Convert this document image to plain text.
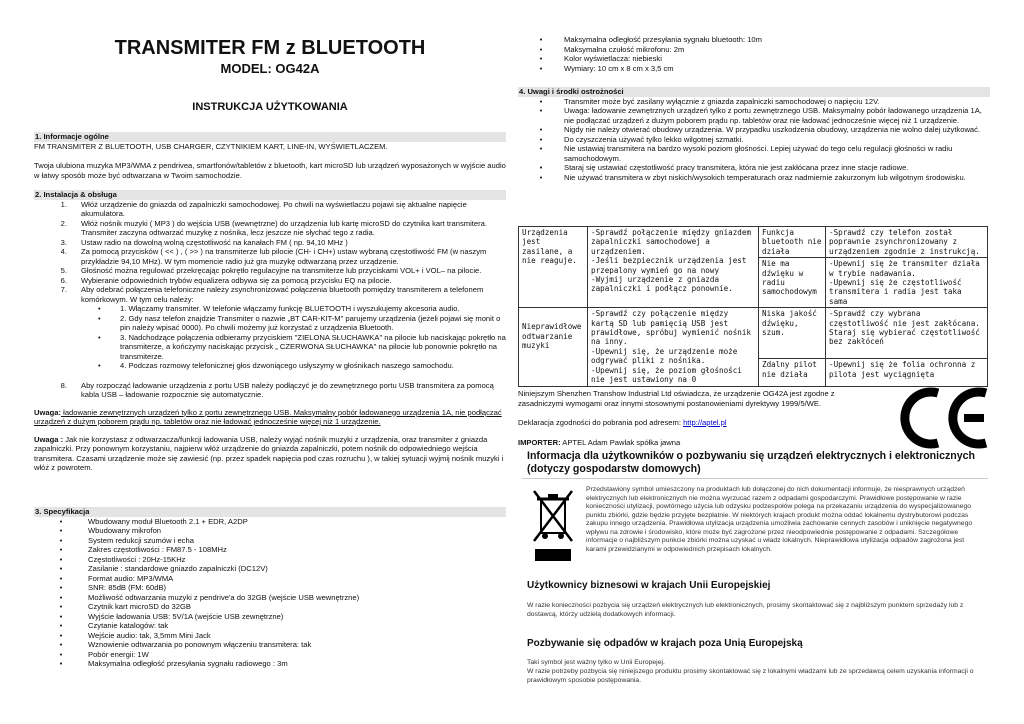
TRANSMITER FM z BLUETOOTH
MODEL: OG42A
INSTRUKCJA UŻYTKOWANIA

1. Informacje ogólne

FM TRANSMITER Z BLUETOOTH, USB CHARGER, CZYTNIKIEM KART, LINE-IN, WYŚWIETLACZEM.

Twoja ulubiona muzyka MP3/WMA z pendrivea, smartfonów/tabletów z bluetooth, kart microSD lub urządzeń wyposażonych w wyjście audio w łatwy sposób może być odtwarzana w Twoim samochodzie.

2. Instalacja & obsługa

1.	Włóż urządzenie do gniazda od zapalniczki samochodowej. Po chwili na wyświetlaczu pojawi się aktualne napięcie akumulatora.
2.	Włóż nośnik muzyki ( MP3 ) do wejścia USB (wewnętrzne) do urządzenia lub kartę microSD do czytnika kart transmitera. Transmiter zaczyna odtwarzać muzykę z nośnika, lecz jeszcze nie słychać tego z radia.
3.	Ustaw radio na dowolną wolną częstotliwość na kanałach FM ( np. 94,10 MHz )
4.	Za pomocą przycisków ( << ) , ( >> ) na transmiterze lub pilocie (CH- i CH+) ustaw wybraną częstotliwość FM (w naszym przykładzie 94,10 MHz). W tym momencie radio już gra muzykę odtwarzaną przez urządzenie.
5.	Głośność można regulować przekręcając pokrętło regulacyjne na transmiterze lub przyciskami VOL+ i VOL– na pilocie.
6.	Wybieranie odpowiednich trybów equalizera odbywa się za pomocą przycisku EQ na pilocie.
7.	Aby odebrać połączenia telefoniczne należy zsynchronizować połączenia bluetooth pomiędzy transmiterem a telefonem komórkowym. W tym celu należy:
•	1. Włączamy transmiter. W telefonie włączamy funkcję BLUETOOTH i wyszukujemy akcesoria audio.
•	2. Gdy nasz telefon znajdzie Transmiter o nazwie „BT CAR-KIT-M" parujemy urządzenia (jeżeli pojawi się monit o pin należy wpisać 0000). Po chwili możemy już korzystać z urządzenia Bluetooth.
•	3. Nadchodzące połączenia odbieramy przyciskiem "ZIELONA SŁUCHAWKA" na pilocie lub naciskając pokrętło na transmiterze, a kończymy naciskając przycisk „ CZERWONA SŁUCHAWKA" na pilocie lub ponownie pokrętło na transmiterze.
•	4. Podczas rozmowy telefonicznej głos dzwoniącego usłyszymy w głośnikach naszego samochodu.
8.	Aby rozpocząć ładowanie urządzenia z portu USB należy podłączyć je do zewnętrznego portu USB transmitera za pomocą kabla USB – ładowanie rozpocznie się automatycznie.

Uwaga: ładowanie zewnętrznych urządzeń tylko z portu zewnętrznego USB. Maksymalny pobór ładowanego urządzenia 1A, nie podłączać urządzeń z dużym poborem prądu np. tabletów oraz nie ładować jednocześnie więcej niż 1 urządzenie.

Uwaga : Jak nie korzystasz z odtwarzacza/funkcji ładowania USB, należy wyjąć nośnik muzyki z urządzenia, oraz transmiter z gniazda zapalniczki. Przy ponownym korzystaniu, najpierw włóż urządzenie do gniazda zapalniczki, potem nośnik do odpowiedniego wejścia transmitera. Czasami urządzenie może się zawiesić (np. przez spadek napięcia pod czas rozruchu ), w takiej sytuacji wyjmij nośnik muzyki i włóż z powrotem.

3. Specyfikacja

•	Wbudowany moduł Bluetooth 2.1 + EDR, A2DP
•	Wbudowany mikrofon
•	System redukcji szumów i echa
•	Zakres częstotliwości : FM87.5 - 108MHz
•	Częstotliwości : 20Hz-15KHz
•	Zasilanie : standardowe gniazdo zapalniczki (DC12V)
•	Format audio: MP3/WMA
•	SNR: 85dB (FM: 60dB)
•	Możliwość odtwarzania muzyki z pendrive'a do 32GB (wejście USB wewnętrzne)
•	Czytnik kart microSD do 32GB
•	Wyjście ładowania USB: 5V/1A (wejście USB zewnętrzne)
•	Czytanie katalogów: tak
•	Wejście audio: tak, 3,5mm Mini Jack
•	Wznowienie odtwarzania po ponownym włączeniu transmitera: tak
•	Pobór energii: 1W
•	Maksymalna odległość przesyłania sygnału radiowego : 3m
•	Maksymalna odległość przesyłania sygnału bluetooth: 10m
•	Maksymalna czułość mikrofonu: 2m
•	Kolor wyświetlacza: niebieski
•	Wymiary: 10 cm x 8 cm x 3,5 cm

4. Uwagi i środki ostrożności

•	Transmiter może być zasilany wyłącznie z gniazda zapalniczki samochodowej o napięciu 12V.
•	Uwaga: ładowanie zewnętrznych urządzeń tylko z portu zewnętrznego USB. Maksymalny pobór ładowanego urządzenia 1A, nie podłączać urządzeń z dużym poborem prądu np. tabletów oraz nie ładować jednocześnie więcej niż 1 urządzenie.
•	Nigdy nie należy otwierać obudowy urządzenia. W przypadku uszkodzenia obudowy, urządzenia nie wolno dalej użytkować.
•	Do czyszczenia używać tylko lekko wilgotnej szmatki.
•	Nie ustawiaj transmitera na bardzo wysoki poziom głośności. Lepiej używać do tego celu regulacji głośności w radiu samochodowym.
•	Staraj się ustawiać częstotliwość pracy transmitera, która nie jest zakłócana przez inne stacje radiowe.
•	Nie używać transmitera w zbyt niskich/wysokich temperaturach oraz nadmiernie zakurzonym lub wilgotnym środowisku.
Urządzenia jest zasilane, a nie reaguje.	-Sprawdź połączenie między gniazdem zapalniczki samochodowej a urządzeniem.
-Jeśli bezpiecznik urządzenia jest przepalony wymień go na nowy
-Wyjmij urządzenie z gniazda zapalniczki i podłącz ponownie.	Funkcja bluetooth nie działa	-Sprawdź czy telefon został poprawnie zsynchronizowany z urządzeniem zgodnie z instrukcją.
		Nie ma dźwięku w radiu samochodowym	-Upewnij się że transmiter działa w trybie nadawania.
-Upewnij się że częstotliwość transmitera i radia jest taka sama
Nieprawidłowe odtwarzanie muzyki	-Sprawdź czy połączenie między kartą SD lub pamięcią USB jest prawidłowe, spróbuj wymienić nośnik na inny.
-Upewnij się, że urządzenie może odgrywać pliki z nośnika.
-Upewnij się, że poziom głośności nie jest ustawiony na 0	Niska jakość dźwięku, szum.	-Sprawdź czy wybrana częstotliwość nie jest zakłócana. Staraj się wybierać częstotliwość bez zakłóceń
		Zdalny pilot nie działa	-Upewnij się że folia ochronna z pilota jest wyciągnięta

Niniejszym Shenzhen Transhow Industrial Ltd oświadcza, że urządzenie OG42A jest zgodne z zasadniczymi wymogami oraz innymi stosownymi postanowieniami dyrektywy 1999/5/WE.

Deklaracja zgodności do pobrania pod adresem: http://aptel.pl

IMPORTER: APTEL Adam Pawlak spółka jawna

Informacja dla użytkowników o pozbywaniu się urządzeń elektrycznych i elektronicznych (dotyczy gospodarstw domowych)
Przedstawiony symbol umieszczony na produktach lub dołączonej do nich dokumentacji informuje, że niesprawnych urządzeń elektrycznych lub elektronicznych nie można wyrzucać razem z odpadami gospodarczymi. Prawidłowe postępowanie w razie konieczności utylizacji, powtórnego użycia lub odzysku podzespołów polega na przekazaniu urządzenia do wyspecjalizowanego punktu zbiórki, gdzie będzie przyjęte bezpłatnie. W niektórych krajach produkt można oddać lokalnemu dystrybutorowi podczas zakupu innego urządzenia. Prawidłowa utylizacja urządzenia umożliwia zachowanie cennych zasobów i uniknięcie negatywnego wpływu na zdrowie i środowisko, które może być zagrożone przez nieodpowiednie postępowanie z odpadami. Szczegółowe informacje o najbliższym punkcie zbiórki można uzyskać u władz lokalnych. Nieprawidłowa utylizacja odpadów zagrożona jest karami przewidzianymi w odpowiednich przepisach lokalnych.
Użytkownicy biznesowi w krajach Unii Europejskiej
W razie konieczności pozbycia się urządzeń elektrycznych lub elektronicznych, prosimy skontaktować się z najbliższym punktem sprzedaży lub z dostawcą, którzy udzielą dodatkowych informacji.
Pozbywanie się odpadów w krajach poza Unią Europejską
Taki symbol jest ważny tylko w Unii Europejej.
W razie potrzeby pozbycia się niniejszego produktu prosimy skontaktować się z lokalnymi władzami lub ze sprzedawcą celem uzyskania informacji o prawidłowym sposobie postępowania.
